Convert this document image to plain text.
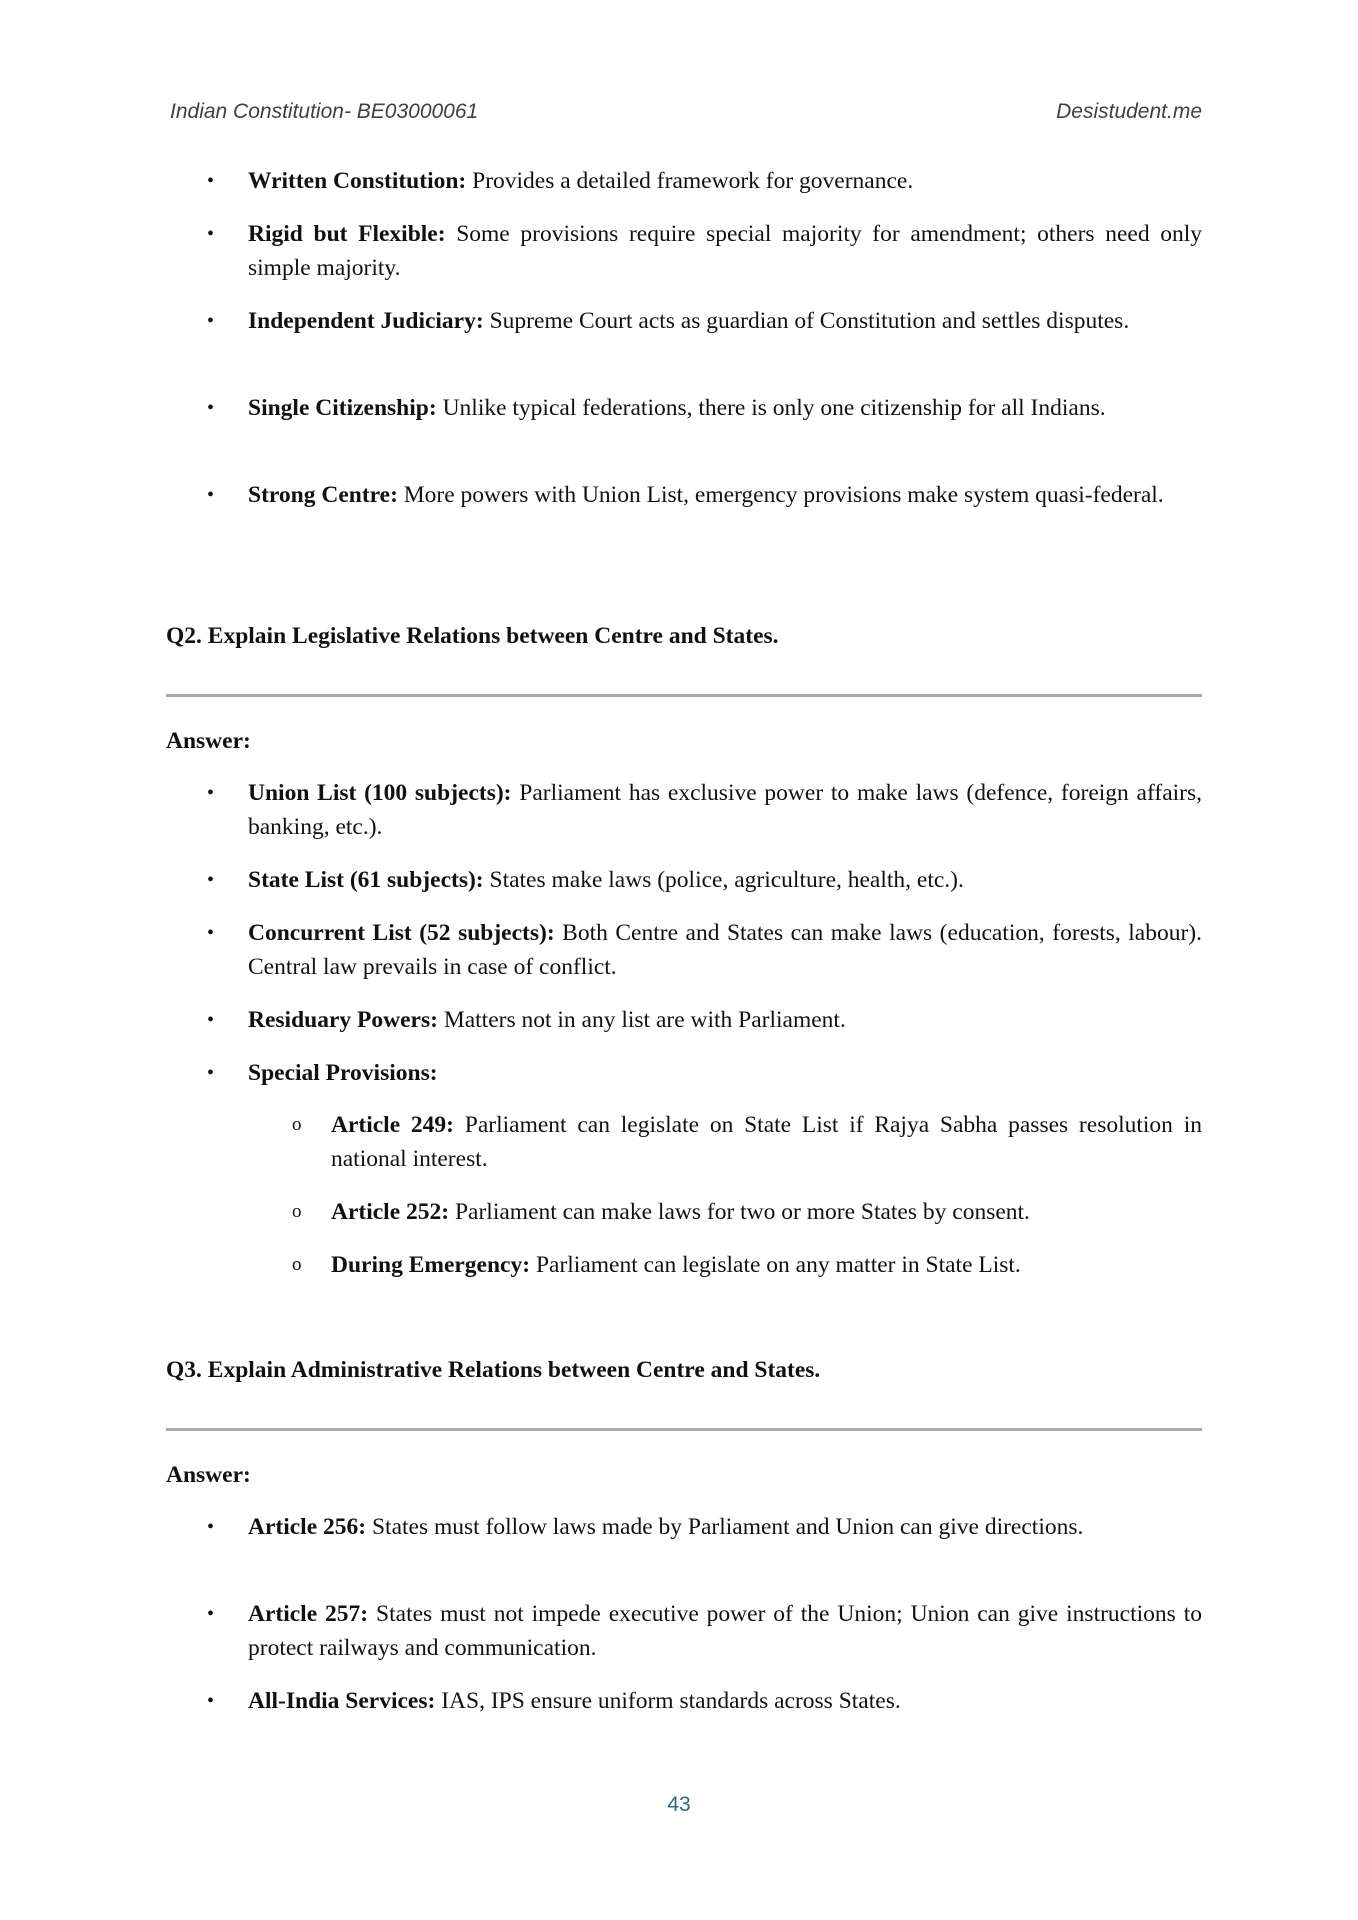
Indian Constitution- BE03000061	Desistudent.me
• Written Constitution: Provides a detailed framework for governance.
• Rigid but Flexible: Some provisions require special majority for amendment; others need only simple majority.
• Independent Judiciary: Supreme Court acts as guardian of Constitution and settles disputes.
• Single Citizenship: Unlike typical federations, there is only one citizenship for all Indians.
• Strong Centre: More powers with Union List, emergency provisions make system quasi-federal.
Q2. Explain Legislative Relations between Centre and States.
Answer:
• Union List (100 subjects): Parliament has exclusive power to make laws (defence, foreign affairs, banking, etc.).
• State List (61 subjects): States make laws (police, agriculture, health, etc.).
• Concurrent List (52 subjects): Both Centre and States can make laws (education, forests, labour). Central law prevails in case of conflict.
• Residuary Powers: Matters not in any list are with Parliament.
• Special Provisions:
o Article 249: Parliament can legislate on State List if Rajya Sabha passes resolution in national interest.
o Article 252: Parliament can make laws for two or more States by consent.
o During Emergency: Parliament can legislate on any matter in State List.
Q3. Explain Administrative Relations between Centre and States.
Answer:
• Article 256: States must follow laws made by Parliament and Union can give directions.
• Article 257: States must not impede executive power of the Union; Union can give instructions to protect railways and communication.
• All-India Services: IAS, IPS ensure uniform standards across States.
43
